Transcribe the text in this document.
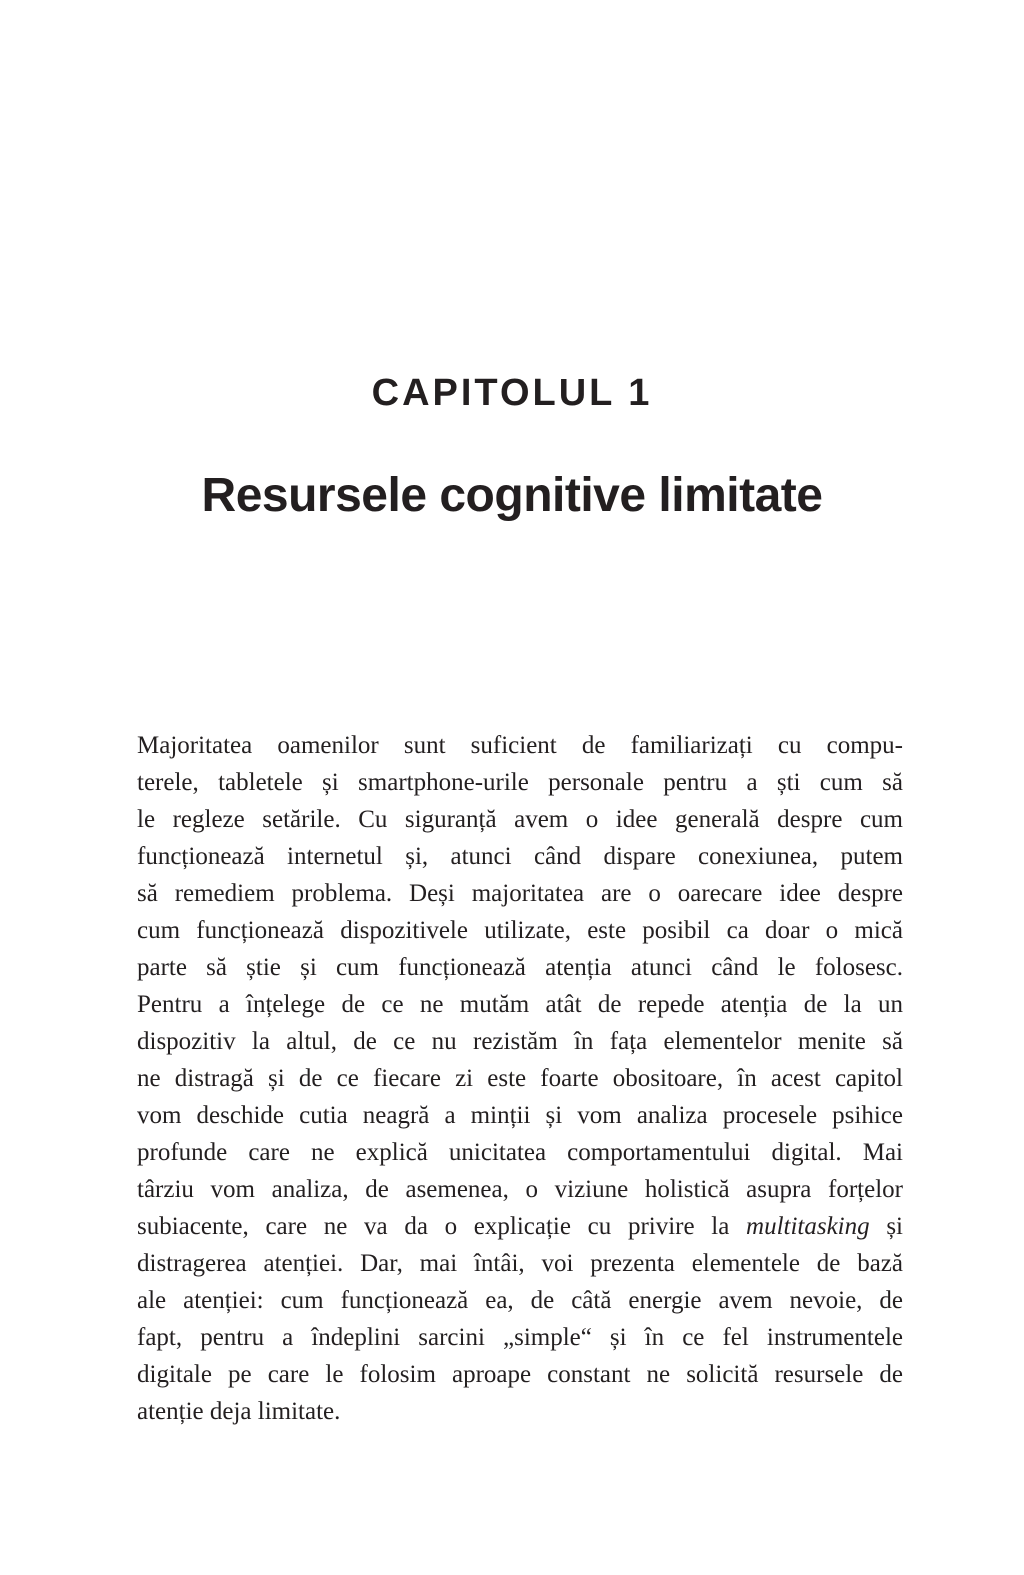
CAPITOLUL 1
Resursele cognitive limitate
Majoritatea oamenilor sunt suficient de familiarizați cu compu-
terele, tabletele și smartphone-urile personale pentru a ști cum să
le regleze setările. Cu siguranță avem o idee generală despre cum
funcționează internetul și, atunci când dispare conexiunea, putem
să remediem problema. Deși majoritatea are o oarecare idee despre
cum funcționează dispozitivele utilizate, este posibil ca doar o mică
parte să știe și cum funcționează atenția atunci când le folosesc.
Pentru a înțelege de ce ne mutăm atât de repede atenția de la un
dispozitiv la altul, de ce nu rezistăm în fața elementelor menite să
ne distragă și de ce fiecare zi este foarte obositoare, în acest capitol
vom deschide cutia neagră a minții și vom analiza procesele psihice
profunde care ne explică unicitatea comportamentului digital. Mai
târziu vom analiza, de asemenea, o viziune holistică asupra forțelor
subiacente, care ne va da o explicație cu privire la multitasking și
distragerea atenției. Dar, mai întâi, voi prezenta elementele de bază
ale atenției: cum funcționează ea, de câtă energie avem nevoie, de
fapt, pentru a îndeplini sarcini „simple“ și în ce fel instrumentele
digitale pe care le folosim aproape constant ne solicită resursele de
atenție deja limitate.
